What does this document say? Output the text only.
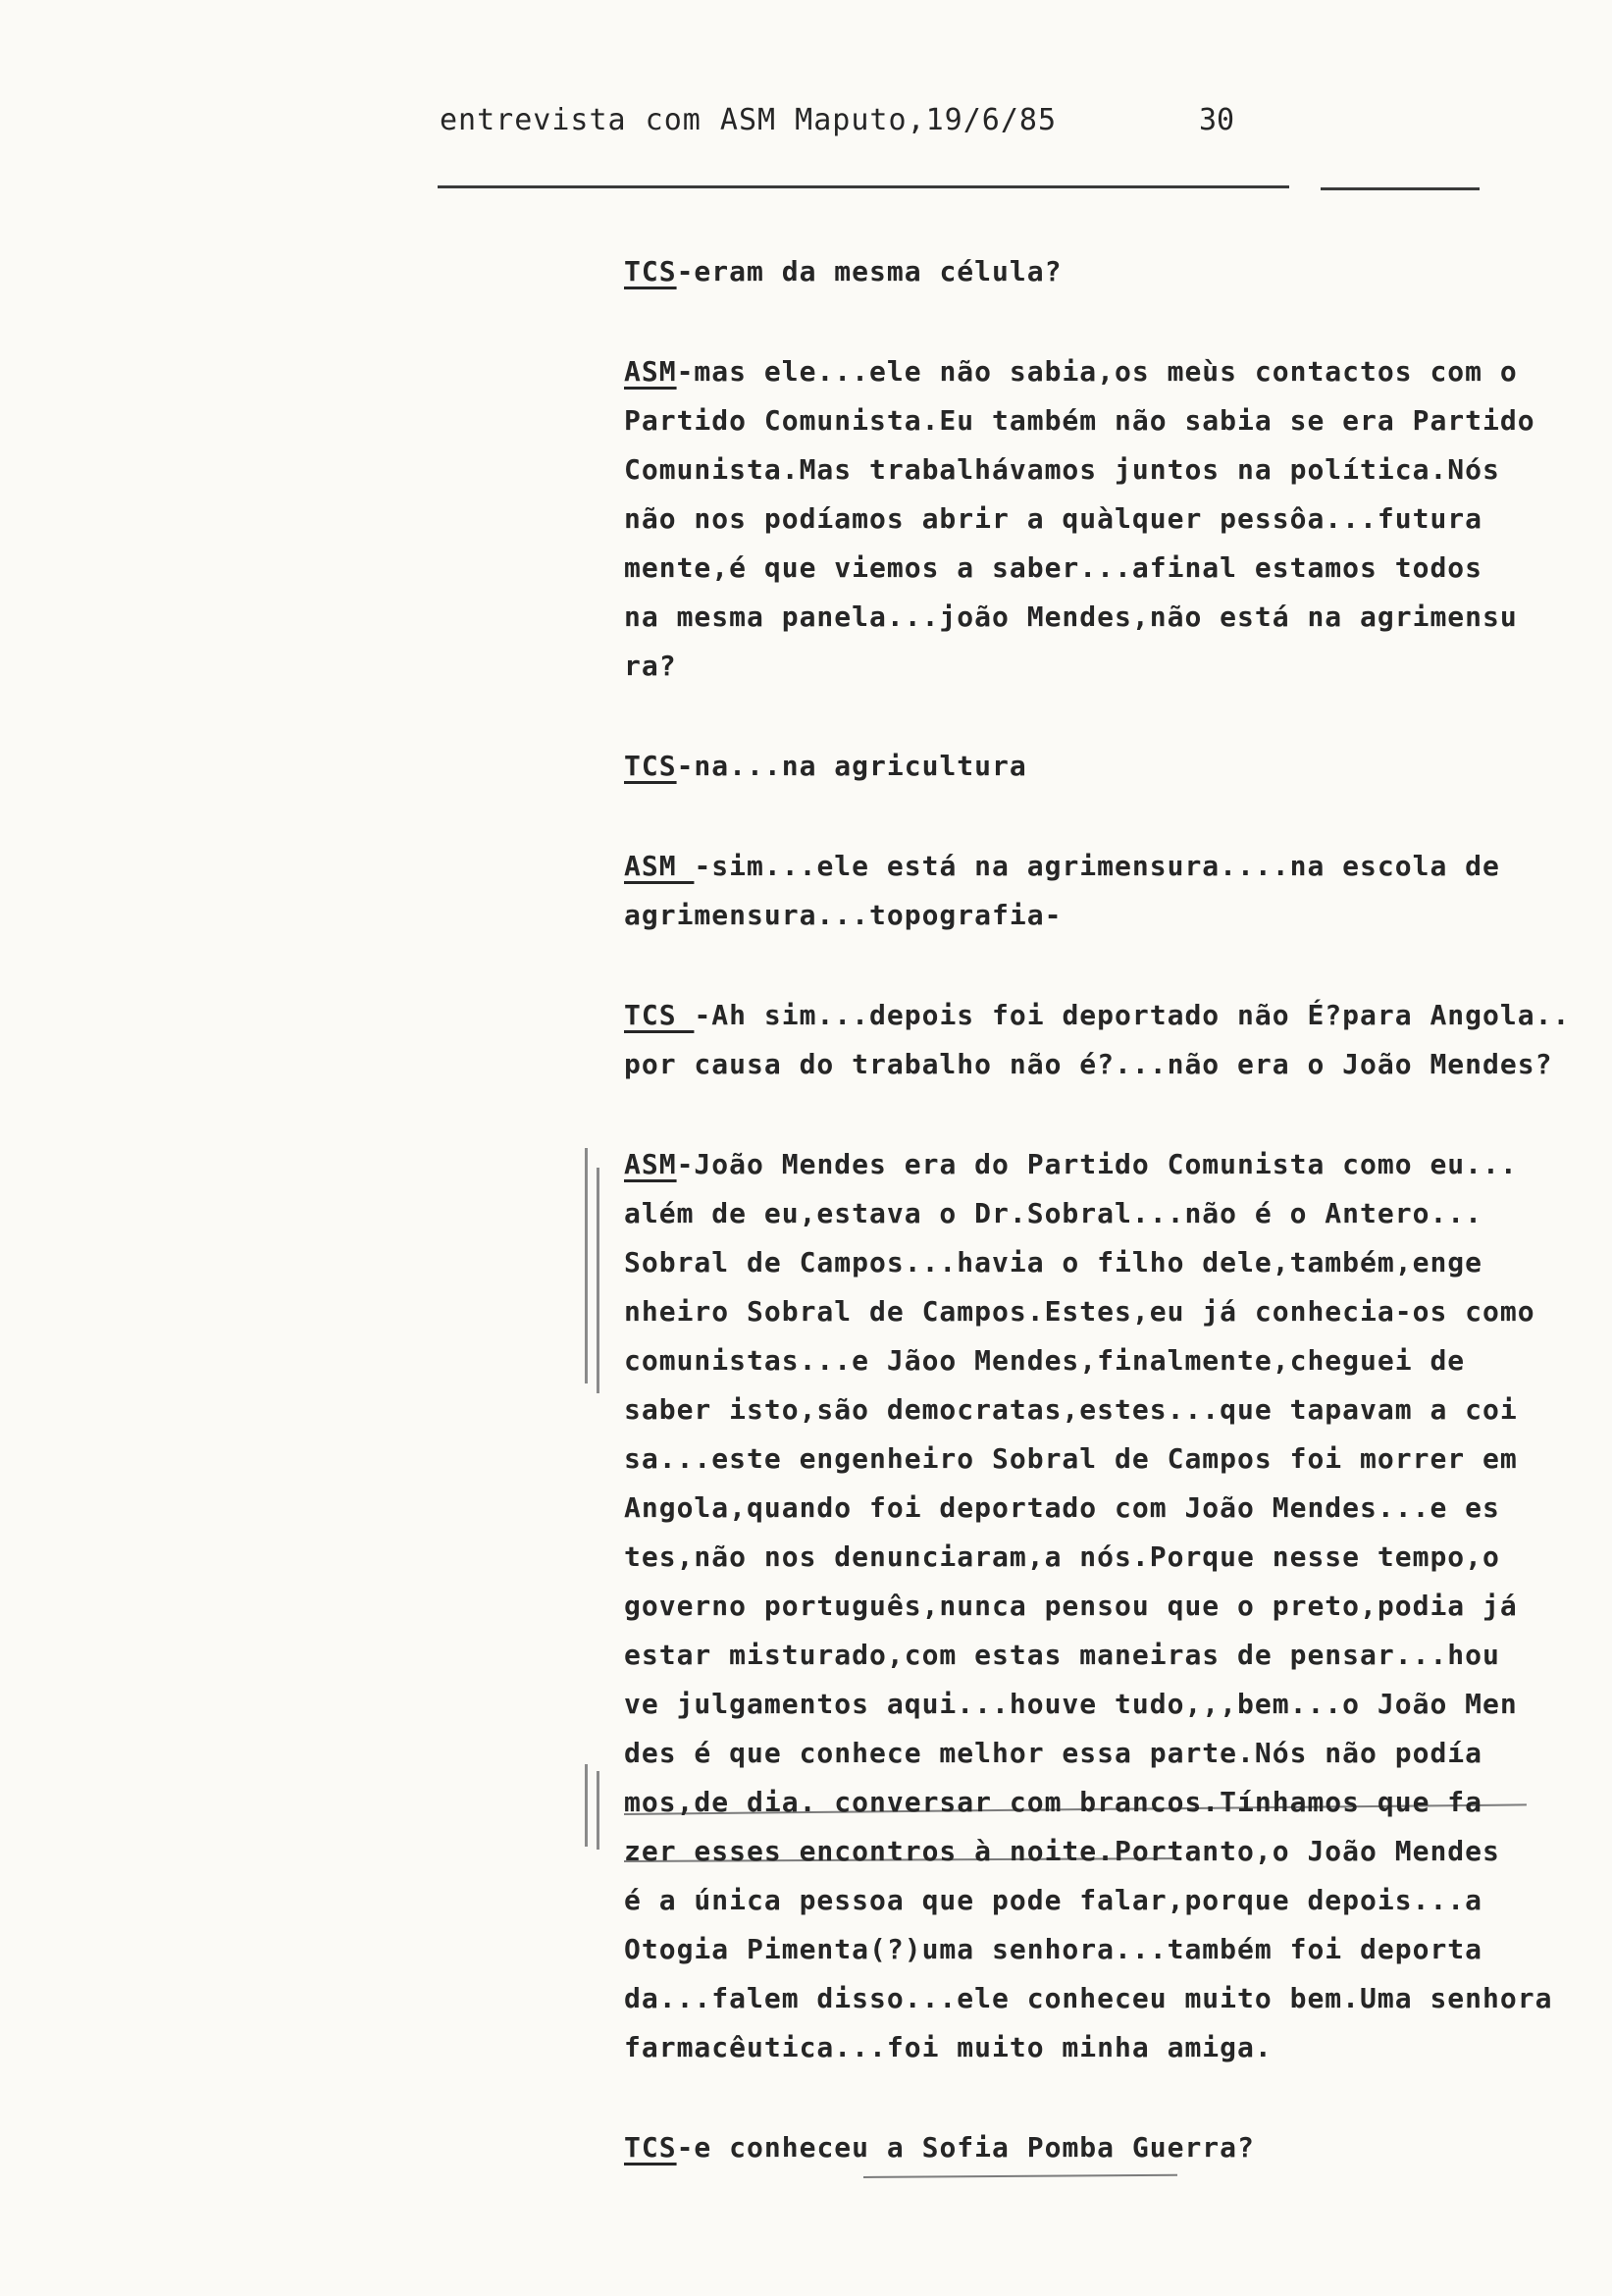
entrevista com ASM Maputo,19/6/85	30
TCS-eram da mesma célula?
ASM-mas ele...ele não sabia,os meùs contactos com o
Partido Comunista.Eu também não sabia se era Partido
Comunista.Mas trabalhávamos juntos na política.Nós
não nos podíamos abrir a quàlquer pessôa...futura
mente,é que viemos a saber...afinal estamos todos
na mesma panela...joão Mendes,não está na agrimensu
ra?
TCS-na...na agricultura
ASM -sim...ele está na agrimensura....na escola de
agrimensura...topografia-
TCS -Ah sim...depois foi deportado não É?para Angola..
por causa do trabalho não é?...não era o João Mendes?
ASM-João Mendes era do Partido Comunista como eu...
além de eu,estava o Dr.Sobral...não é o Antero...
Sobral de Campos...havia o filho dele,também,enge
nheiro Sobral de Campos.Estes,eu já conhecia-os como
comunistas...e Jãoo Mendes,finalmente,cheguei de
saber isto,são democratas,estes...que tapavam a coi
sa...este engenheiro Sobral de Campos foi morrer em
Angola,quando foi deportado com João Mendes...e es
tes,não nos denunciaram,a nós.Porque nesse tempo,o
governo português,nunca pensou que o preto,podia já
estar misturado,com estas maneiras de pensar...hou
ve julgamentos aqui...houve tudo,,,bem...o João Men
des é que conhece melhor essa parte.Nós não podía
mos,de dia. conversar com brancos.Tínhamos que fa
zer esses encontros à noite.Portanto,o João Mendes
é a única pessoa que pode falar,porque depois...a
Otogia Pimenta(?)uma senhora...também foi deporta
da...falem disso...ele conheceu muito bem.Uma senhora
farmacêutica...foi muito minha amiga.
TCS-e conheceu a Sofia Pomba Guerra?
